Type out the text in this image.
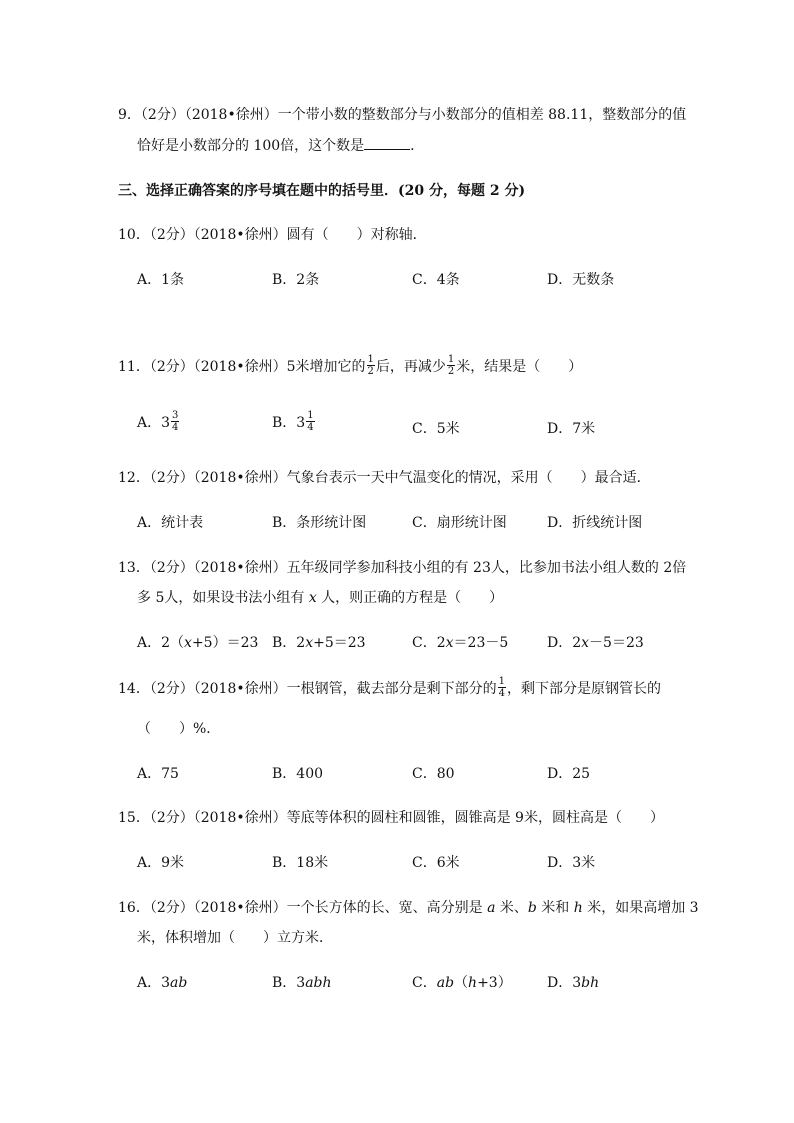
9．（2分）（2018•徐州）一个带小数的整数部分与小数部分的值相差 88.11，整数部分的值
恰好是小数部分的 100倍，这个数是	．
三、选择正确答案的序号填在题中的括号里．(20 分，每题 2 分)
10．（2分）（2018•徐州）圆有（　　）对称轴．
A．1条	B．2条	C．4条	D．无数条
11．（2分）（2018•徐州）5米增加它的 $\frac{1}{2}$ 后，再减少 $\frac{1}{2}$ 米，结果是（　　）
A．$3 \frac{3}{4}$	B．$3 \frac{1}{4}$	C．5米	D．7米
12．（2分）（2018•徐州）气象台表示一天中气温变化的情况，采用（　　）最合适．
A．统计表	B．条形统计图	C．扇形统计图	D．折线统计图
13．（2分）（2018•徐州）五年级同学参加科技小组的有 23人，比参加书法小组人数的 2倍
多 5人，如果设书法小组有 x 人，则正确的方程是（　　）
A．2（x+5）＝23 B．2x+5＝23	C．2x＝23－5	D．2x－5＝23
14．（2分）（2018•徐州）一根钢管，截去部分是剩下部分的 $\frac{1}{4}$ ，剩下部分是原钢管长的
（　　）%．
A．75	B．400	C．80	D．25
15．（2分）（2018•徐州）等底等体积的圆柱和圆锥，圆锥高是 9米，圆柱高是（　　）
A．9米	B．18米	C．6米	D．3米
16．（2分）（2018•徐州）一个长方体的长、宽、高分别是 a 米、b 米和 h 米，如果高增加 3
米，体积增加（　　）立方米．
A．3ab	B．3abh	C．ab（h+3）	D．3bh
